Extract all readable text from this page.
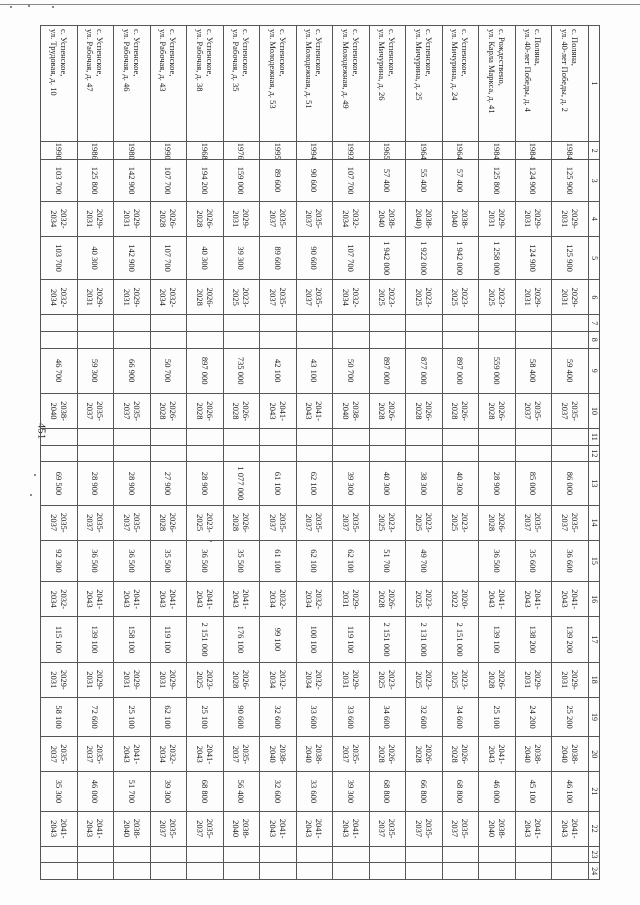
451
1	2	3	4	5	6	7	8	9	10	11	12	13	14	15	16	17	18	19	20	21	22	23	24
с. Поляна,
ул. 40-лет Победы, д. 2	1984	125 900	2029-
2031	125 900	2029-
2031			59 400	2035-
2037			86 000	2035-
2037	36 600	2041-
2043	139 200	2029-
2031	25 200	2038-
2040	46 100	2041-
2043		
с. Поляна,
ул. 40-лет Победы, д. 4	1984	124 900	2029-
2031	124 900	2029-
2031			58 400	2035-
2037			85 000	2035-
2037	35 600	2041-
2043	138 200	2029-
2031	24 200	2038-
2040	45 100	2041-
2043		
с. Рождествено,
ул. Карла Маркса, д. 41	1984	125 800	2029-
2031	1 258 000	2023-
2025			559 000	2026-
2028			28 900	2026-
2028	36 500	2041-
2043	139 100	2026-
2028	25 100	2041-
2043	46 000	2038-
2040		
с. Успенское,
ул. Мичурина, д. 24	1964	57 400	2038-
2040	1 942 000	2023-
2025			897 000	2026-
2028			40 300	2023-
2025		2020-
2022	2 151 000	2023-
2025	34 600	2026-
2028	68 800	2035-
2037		
с. Успенское,
ул. Мичурина, д. 25	1964	55 400	2038-
2040)	1 922 000	2023-
2025			877 000	2026-
2028			38 300	2023-
2025	49 700	2023-
2025	2 131 000	2023-
2025	32 600	2026-
2028	66 800	2035-
2037		
с. Успенское,
ул. Мичурина, д. 26	1965	57 400	2038-
2040	1 942 000	2023-
2025			897 000	2026-
2028			40 300	2023-
2025	51 700	2026-
2028	2 151 000	2023-
2025	34 600	2026-
2028	68 800	2035-
2037		
с. Успенское,
ул. Молодежная, д. 49	1993	107 700	2032-
2034	107 700	2032-
2034			50 700	2038-
2040			39 300	2035-
2037	62 100	2029-
2031	119 100	2029-
2031	33 600	2035-
2037	39 300	2041-
2043		
с. Успенское,
ул. Молодежная, д. 51	1994	90 600	2035-
2037	90 600	2035-
2037			43 100	2041-
2043			62 100	2035-
2037	62 100	2032-
2034	100 100	2032-
2034	33 600	2038-
2040	33 600	2041-
2043		
с. Успенское,
ул. Молодежная, д. 53	1995	89 600	2035-
2037	89 600	2035-
2037			42 100	2041-
2043			61 100	2035-
2037	61 100	2032-
2034	99 100	2032-
2034	32 600	2038-
2040	32 600	2041-
2043		
с. Успенское,
ул. Рабочая, д. 35	1976	159 000	2029-
2031	39 300	2023-
2025			735 000	2026-
2028			1 077 000	2026-
2028	35 500	2041-
2043	176 100	2026-
2028	90 600	2035-
2037	56 400	2038-
2040		
с. Успенское,
ул. Рабочая, д. 38	1968	194 200	2026-
2028	40 300	2026-
2028			897 000	2026-
2028			28 900	2023-
2025	36 500	2041-
2043	2 151 000	2023-
2025	25 100	2041-
2043	68 800	2035-
2037		
с. Успенское,
ул. Рабочая, д. 43	1990	107 700	2026-
2028	107 700	2032-
2034			50 700	2026-
2028			27 900	2026-
2028	35 500	2041-
2043	119 100	2029-
2031	62 100	2032-
2034	39 300	2035-
2037		
с. Успенское,
ул. Рабочая, д. 46	1980	142 900	2029-
2031	142 900	2029-
2031			66 900	2035-
2037			28 900	2035-
2037	36 500	2041-
2043	158 100	2029-
2031	25 100	2041-
2043	51 700	2038-
2040		
с. Успенское,
ул. Рабочая, д. 47	1986	125 800	2029-
2031	40 300	2029-
2031			59 300	2035-
2037			28 900	2035-
2037	36 500	2041-
2043	139 100	2029-
2031	72 600	2035-
2037	46 000	2041-
2043		
с. Успенское,
ул. Трудовая, д. 10	1990	103 700	2032-
2034	103 700	2032-
2034			46 700	2038-
2040			69 500	2035-
2037	92 300	2032-
2034	115 100	2029-
2031	58 100	2035-
2037	35 300	2041-
2043		
